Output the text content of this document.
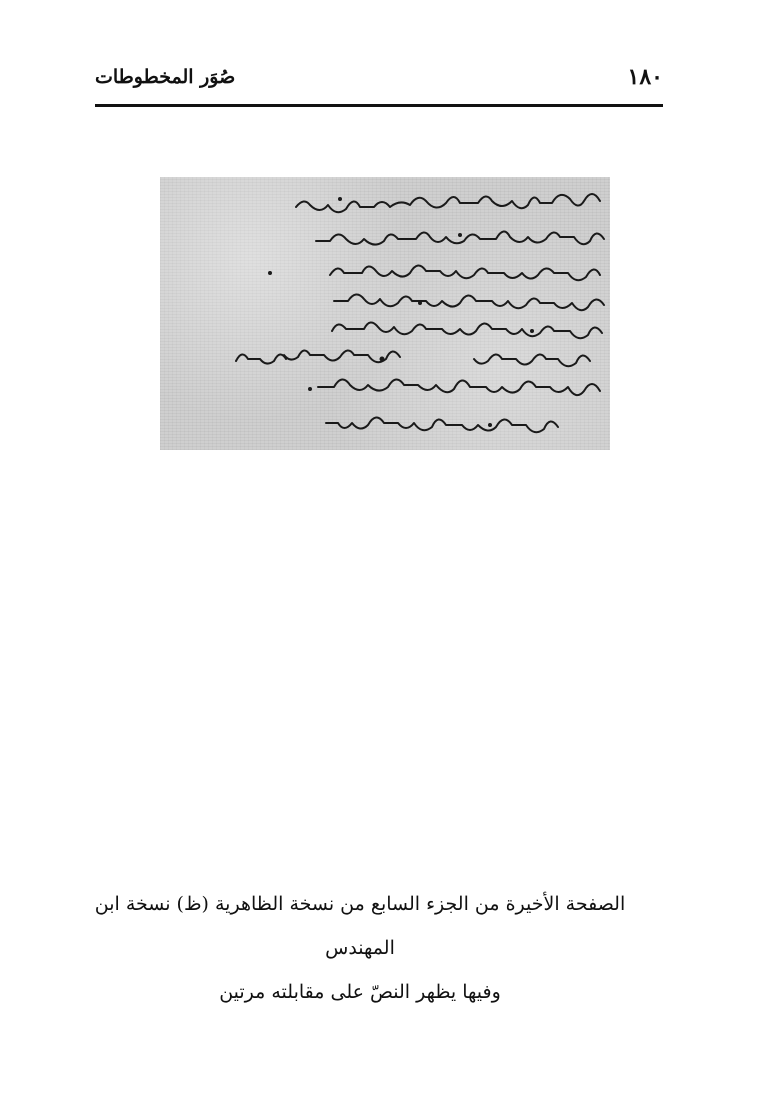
١٨٠
صُوَر المخطوطات
الصفحة الأخيرة من الجزء السابع من نسخة الظاهرية (ظ) نسخة ابن المهندس
وفيها يظهر النصّ على مقابلته مرتين
